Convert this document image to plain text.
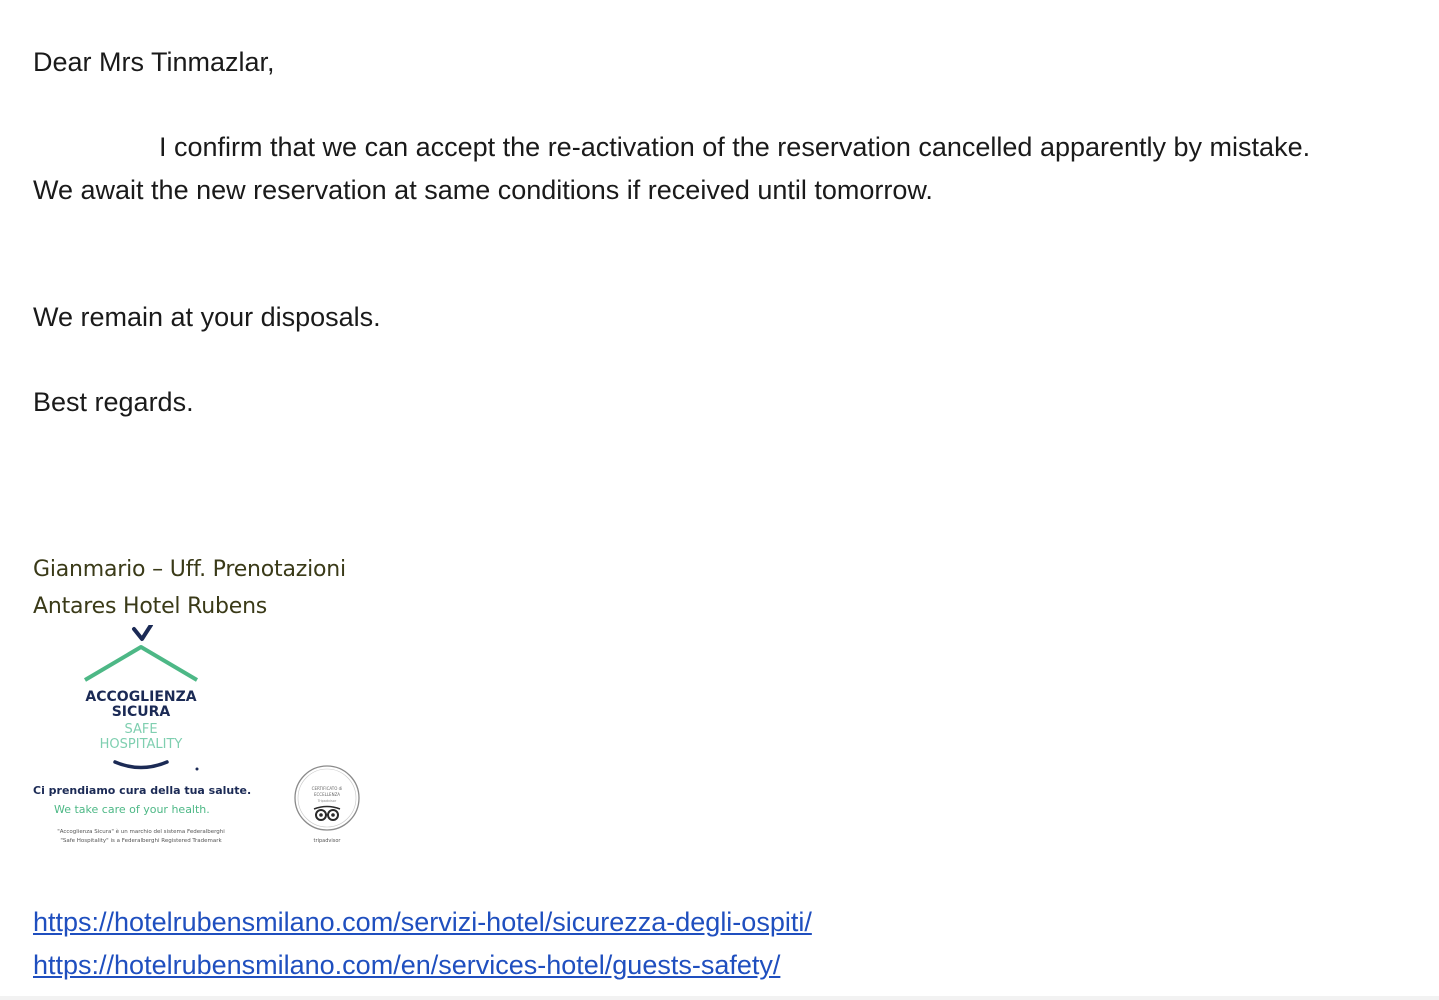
Dear Mrs Tinmazlar,
I confirm that we can accept the re-activation of the reservation cancelled apparently by mistake.
We await the new reservation at same conditions if received until tomorrow.
We remain at your disposals.
Best regards.
Gianmario – Uff. Prenotazioni
Antares Hotel Rubens
ACCOGLIENZA
SICURA
SAFE
HOSPITALITY
Ci prendiamo cura della tua salute.
We take care of your health.
"Accoglienza Sicura" è un marchio del sistema Federalberghi
"Safe Hospitality" is a Federalberghi Registered Trademark
CERTIFICATO di
ECCELLENZA
Tripadvisor
tripadvisor
https://hotelrubensmilano.com/servizi-hotel/sicurezza-degli-ospiti/
https://hotelrubensmilano.com/en/services-hotel/guests-safety/
